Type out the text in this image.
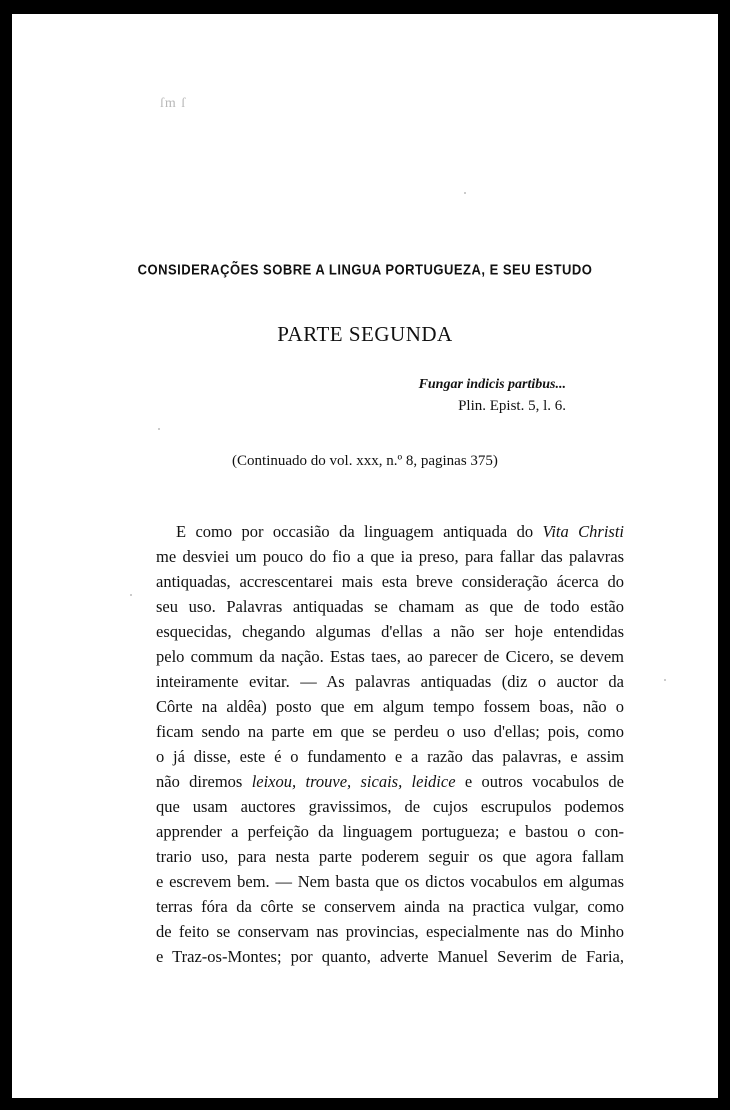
ſm ſ
CONSIDERAÇÕES SOBRE A LINGUA PORTUGUEZA, E SEU ESTUDO
PARTE SEGUNDA
Fungar indicis partibus...
Plin. Epist. 5, l. 6.
(Continuado do vol. xxx, n.º 8, paginas 375)
E como por occasião da linguagem antiquada do Vita Christi
me desviei um pouco do fio a que ia preso, para fallar das palavras
antiquadas, accrescentarei mais esta breve consideração ácerca do
seu uso. Palavras antiquadas se chamam as que de todo estão
esquecidas, chegando algumas d'ellas a não ser hoje entendidas
pelo commum da nação. Estas taes, ao parecer de Cicero, se devem
inteiramente evitar. — As palavras antiquadas (diz o auctor da
Côrte na aldêa) posto que em algum tempo fossem boas, não o
ficam sendo na parte em que se perdeu o uso d'ellas; pois, como
o já disse, este é o fundamento e a razão das palavras, e assim
não diremos leixou, trouve, sicais, leidice e outros vocabulos de
que usam auctores gravissimos, de cujos escrupulos podemos
apprender a perfeição da linguagem portugueza; e bastou o con-
trario uso, para nesta parte poderem seguir os que agora fallam
e escrevem bem. — Nem basta que os dictos vocabulos em algumas
terras fóra da côrte se conservem ainda na practica vulgar, como
de feito se conservam nas provincias, especialmente nas do Minho
e Traz-os-Montes; por quanto, adverte Manuel Severim de Faria,
